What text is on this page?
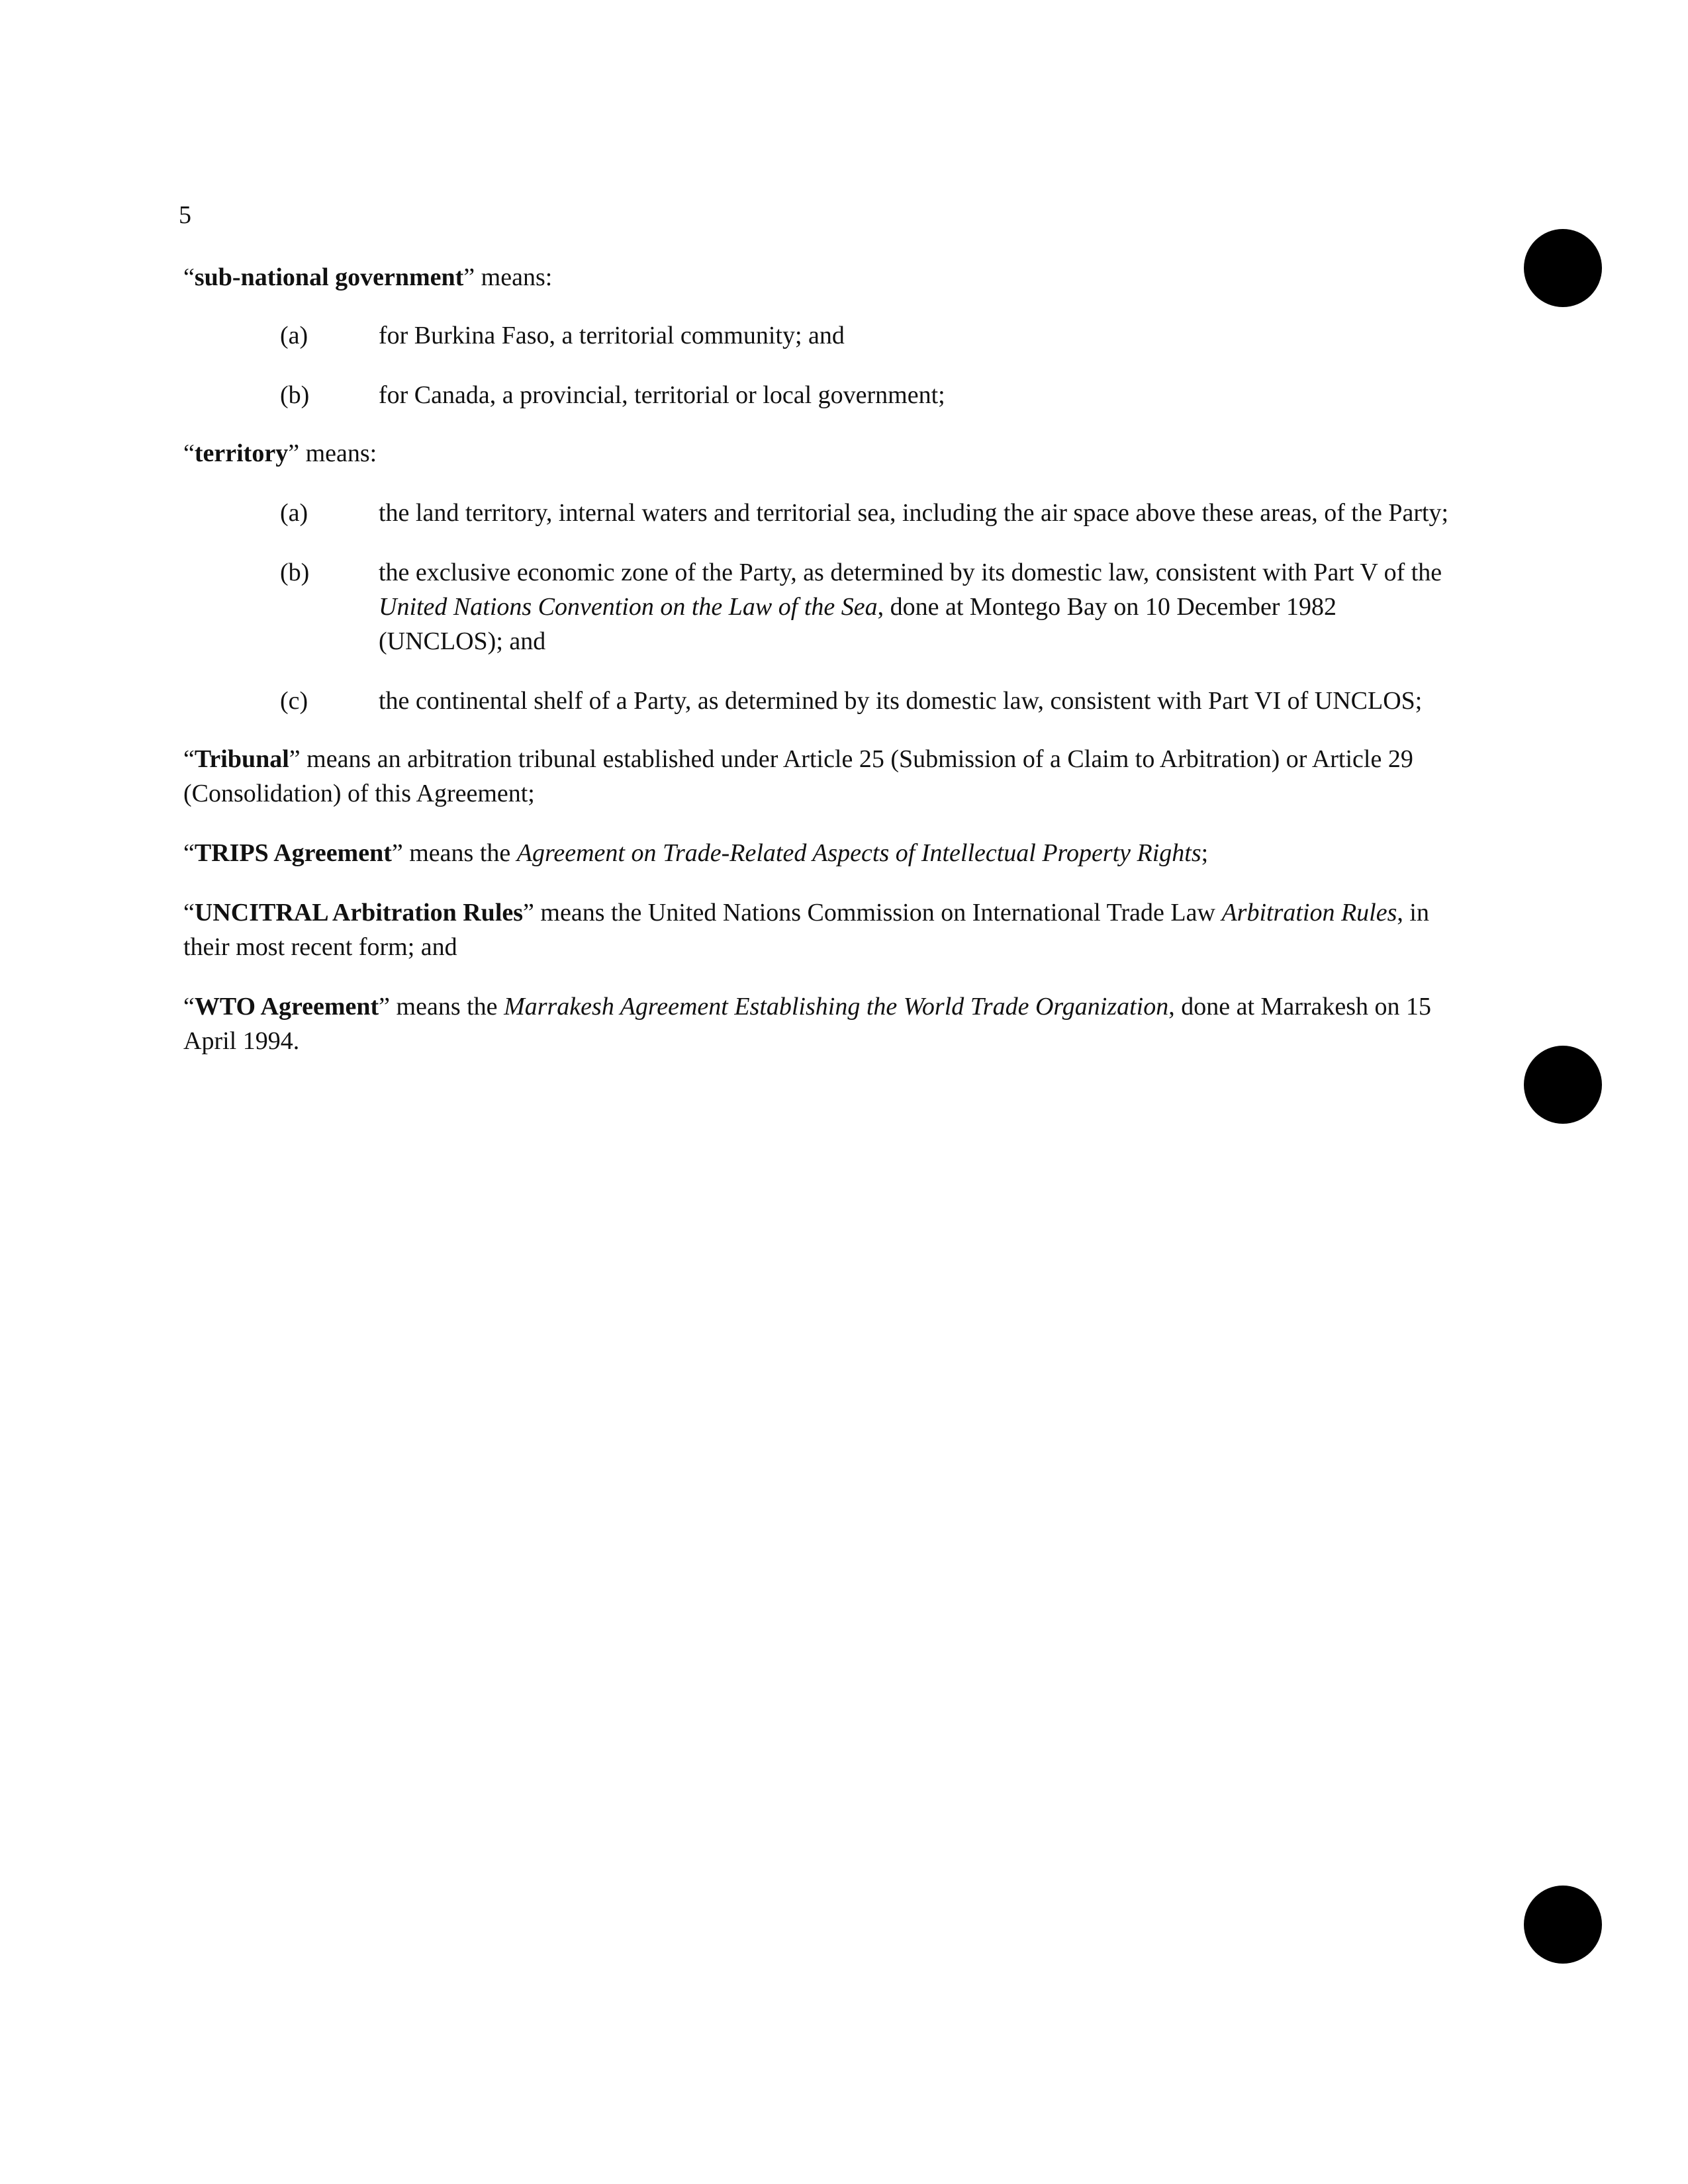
5

“sub-national government” means:

(a)	for Burkina Faso, a territorial community; and
(b)	for Canada, a provincial, territorial or local government;

“territory” means:

(a)	the land territory, internal waters and territorial sea, including the air space above these areas, of the Party;
(b)	the exclusive economic zone of the Party, as determined by its domestic law, consistent with Part V of the United Nations Convention on the Law of the Sea, done at Montego Bay on 10 December 1982 (UNCLOS); and
(c)	the continental shelf of a Party, as determined by its domestic law, consistent with Part VI of UNCLOS;

“Tribunal” means an arbitration tribunal established under Article 25 (Submission of a Claim to Arbitration) or Article 29 (Consolidation) of this Agreement;

“TRIPS Agreement” means the Agreement on Trade-Related Aspects of Intellectual Property Rights;

“UNCITRAL Arbitration Rules” means the United Nations Commission on International Trade Law Arbitration Rules, in their most recent form; and

“WTO Agreement” means the Marrakesh Agreement Establishing the World Trade Organization, done at Marrakesh on 15 April 1994.
